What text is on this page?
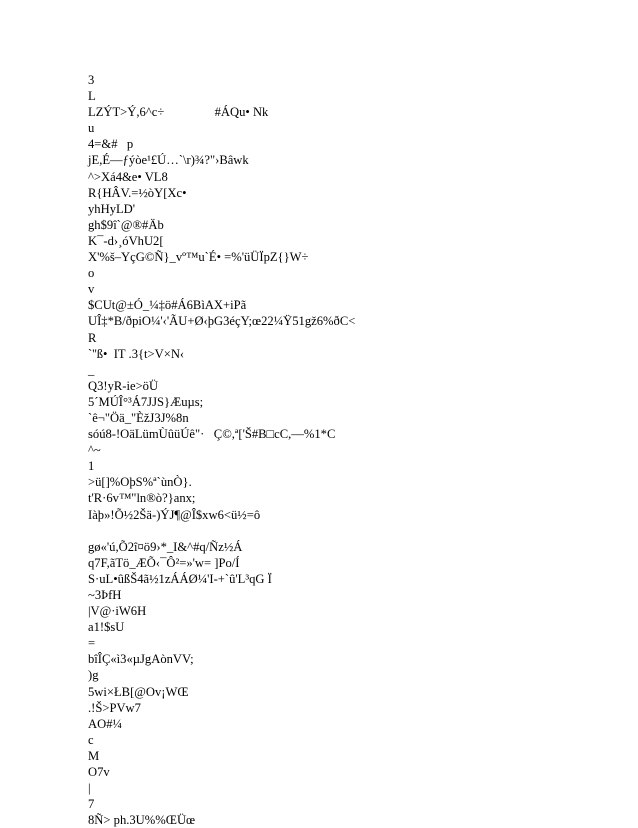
3
L
LZÝT>Ý,6^c÷                #ÁQu• Nk
u
4=&#   p
jE,É—ƒýòe¹£Ú…`\r)¾?"›Bâwk
^>Xá4&e• VL8
R{HÂV.=½òY[Xc•
yhHyLD'
gh$9î`@®#Äb
K¯-d›¸óVhU2[
X'%š–YçG©Ñ}_vº™u`É• =%'üÜÏpZ{}W÷
o
v
$CUt@±Ó_¼‡ö#Á6BìAX+iPã
UÎ‡*B/ðpiO¼'‹'ÃU+Ø‹þG3éçY;œ22¼Ÿ51gž6%ðC<
R
`''ß•  IT .3{t>V×N‹
_
Q3!yR-ie>öÜ
5´MÚÎ°³Á7JJS}Æuµs;
`ê¬"Öä_"ÈžJ3J%8n
sóú8-!OäLümÙûüÚê"·   Ç©,ª['Š#B□cC,—%1*C
^~
1
>ü[]%OþS%ª`ùnÒ}.
t'R·6v™"ln®ò?}anx;
Iàþ»!Õ½2Šä-)ÝJ¶@Î$xw6<ü½=ô
gø«'ú,Õ2î¤ö9›*_I&^#q/Ñz½Á
q7F,ãTö_ÆÕ‹¯Ô²=»'w= ]Po/Í
S·uL•ûßŠ4ã½1zÁÁØ¼'I-+`û'L³qG Ï
~3ÞfH
|V@·iW6H
a1!$sU
=
bîÎÇ«ì3«µJgAònVV;
)g
5wi×ŁB[@Ov¡WŒ
.!Š>PVw7
AO#¼
c
M
O7v
|
7
8Ñ> ph.3U%%ŒÜœ
